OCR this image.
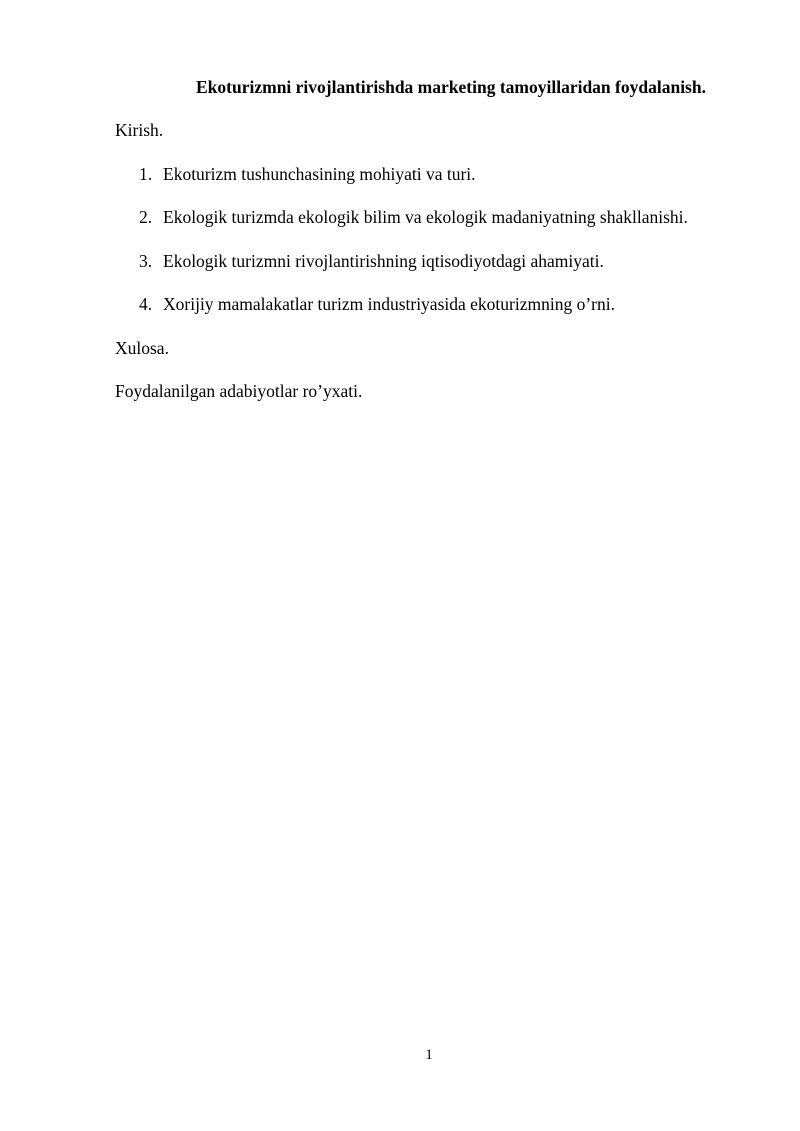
Ekoturizmni rivojlantirishda marketing tamoyillaridan foydalanish.
Kirish.
1. Ekoturizm tushunchasining mohiyati va turi.
2. Ekologik turizmda ekologik bilim va ekologik madaniyatning shakllanishi.
3. Ekologik turizmni rivojlantirishning iqtisodiyotdagi ahamiyati.
4. Xorijiy mamalakatlar turizm industriyasida ekoturizmning o’rni.
Xulosa.
Foydalanilgan adabiyotlar ro’yxati.
1
